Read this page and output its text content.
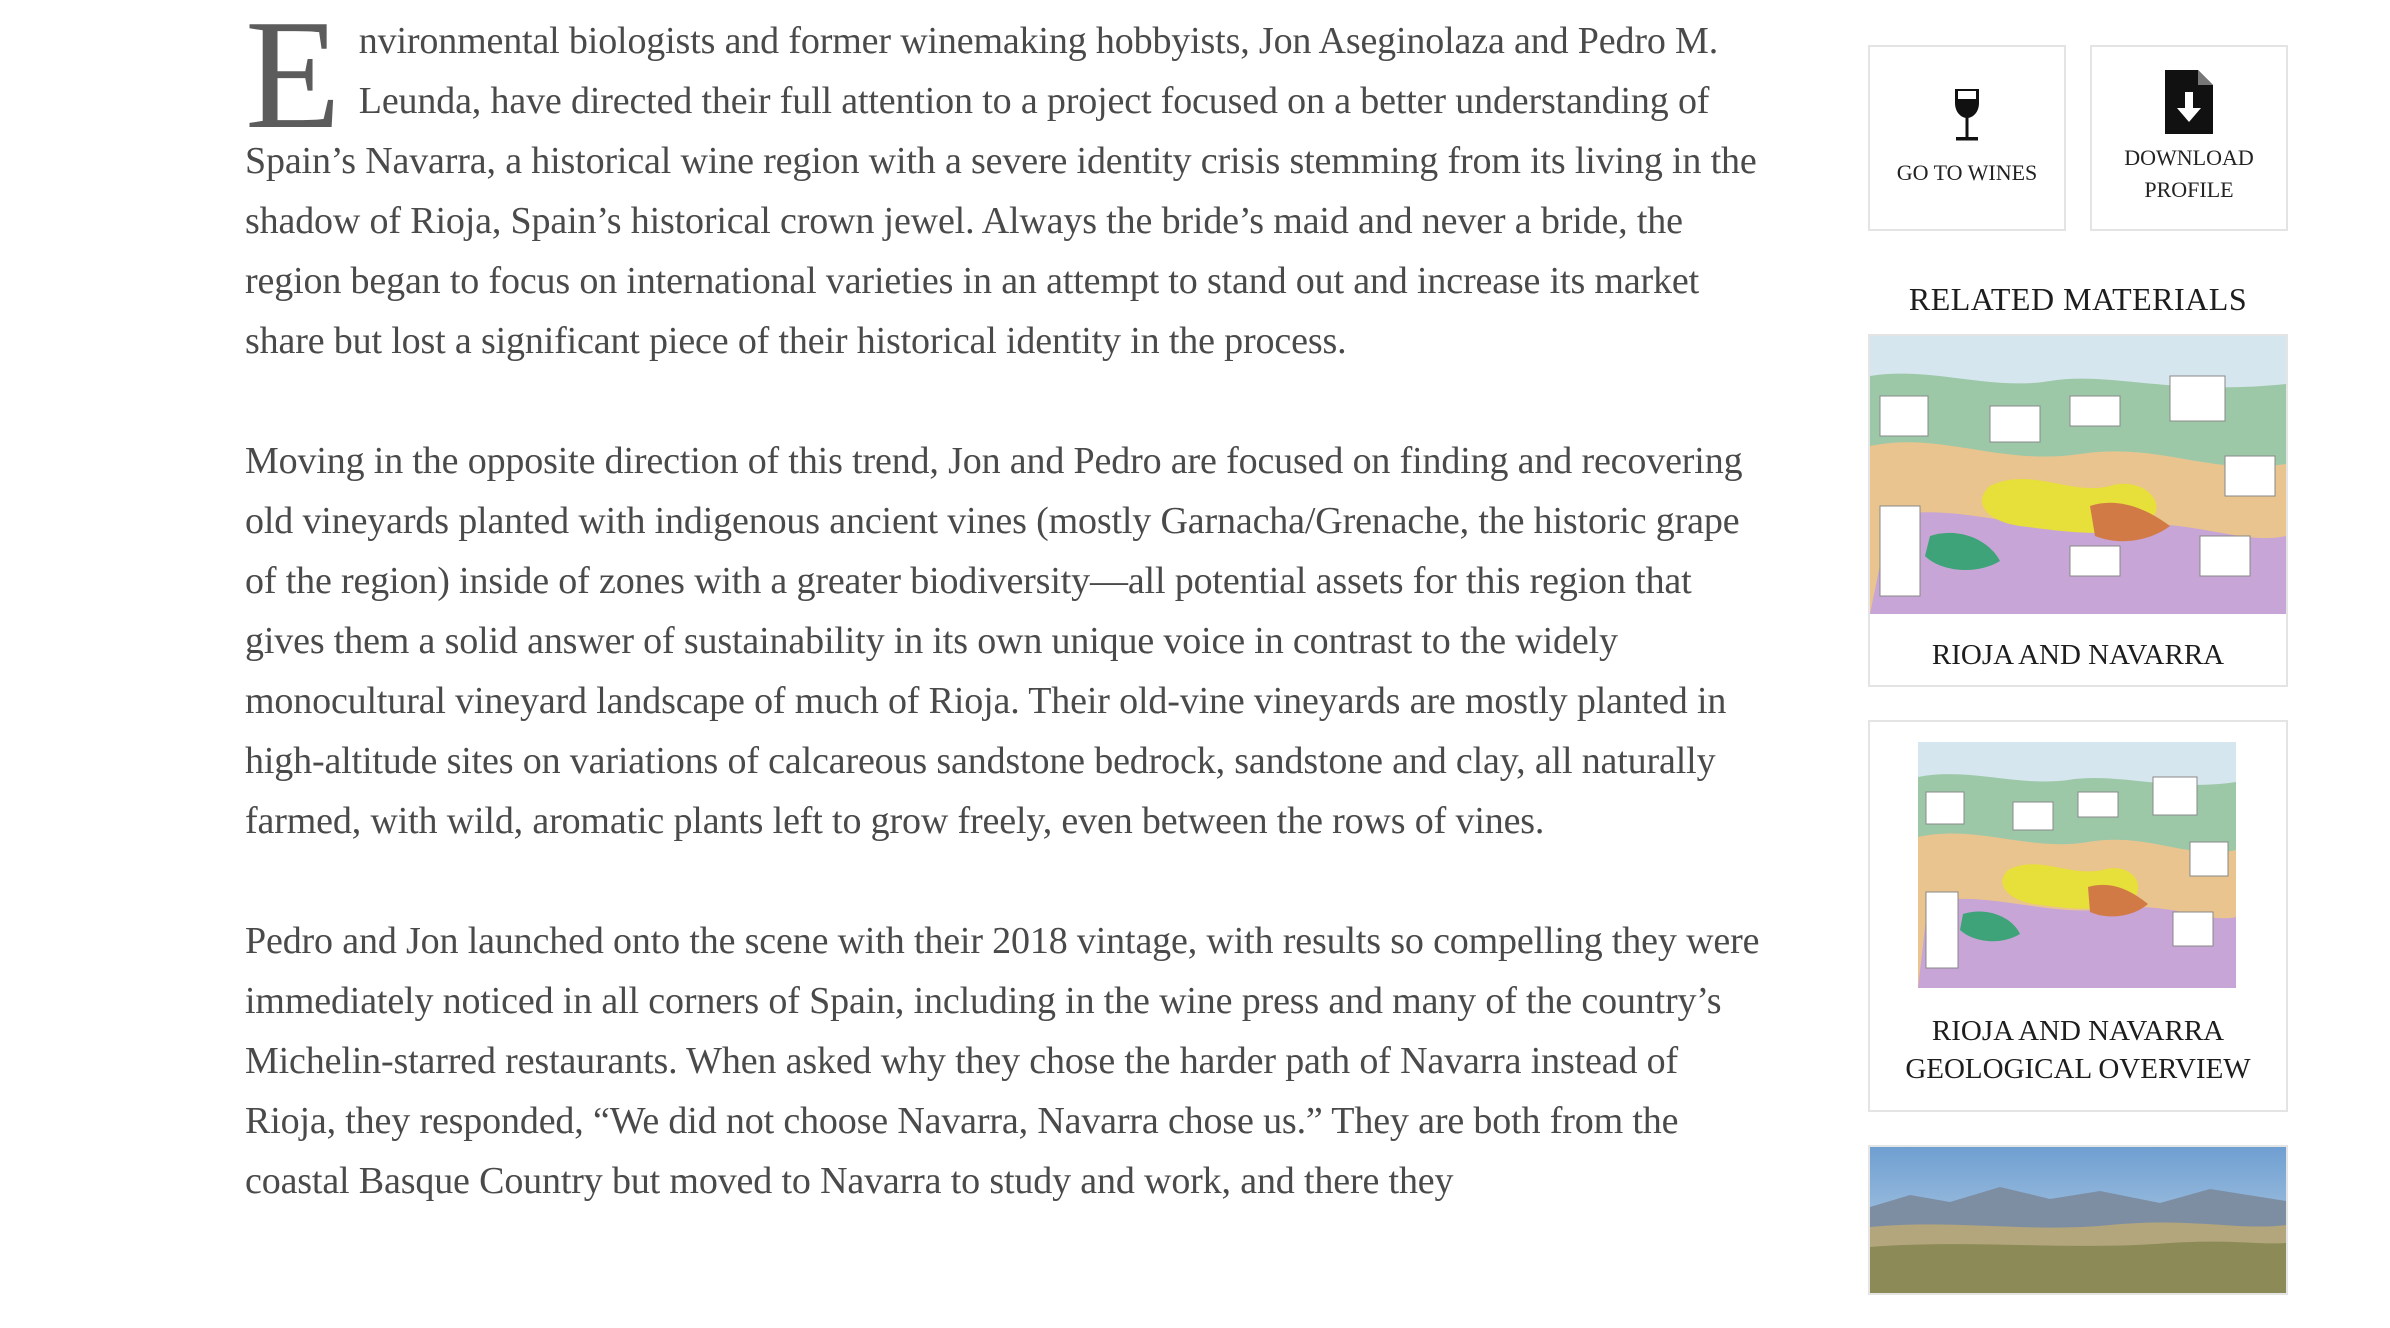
Environmental biologists and former winemaking hobbyists, Jon Aseginolaza and Pedro M. Leunda, have directed their full attention to a project focused on a better understanding of Spain’s Navarra, a historical wine region with a severe identity crisis stemming from its living in the shadow of Rioja, Spain’s historical crown jewel. Always the bride’s maid and never a bride, the region began to focus on international varieties in an attempt to stand out and increase its market share but lost a significant piece of their historical identity in the process.

Moving in the opposite direction of this trend, Jon and Pedro are focused on finding and recovering old vineyards planted with indigenous ancient vines (mostly Garnacha/Grenache, the historic grape of the region) inside of zones with a greater biodiversity—all potential assets for this region that gives them a solid answer of sustainability in its own unique voice in contrast to the widely monocultural vineyard landscape of much of Rioja. Their old-vine vineyards are mostly planted in high-altitude sites on variations of calcareous sandstone bedrock, sandstone and clay, all naturally farmed, with wild, aromatic plants left to grow freely, even between the rows of vines.

Pedro and Jon launched onto the scene with their 2018 vintage, with results so compelling they were immediately noticed in all corners of Spain, including in the wine press and many of the country’s Michelin-starred restaurants. When asked why they chose the harder path of Navarra instead of Rioja, they responded, “We did not choose Navarra, Navarra chose us.” They are both from the coastal Basque Country but moved to Navarra to study and work, and there they

GO TO WINES
DOWNLOAD
PROFILE
RELATED MATERIALS
RIOJA AND NAVARRA
RIOJA AND NAVARRA
GEOLOGICAL OVERVIEW
